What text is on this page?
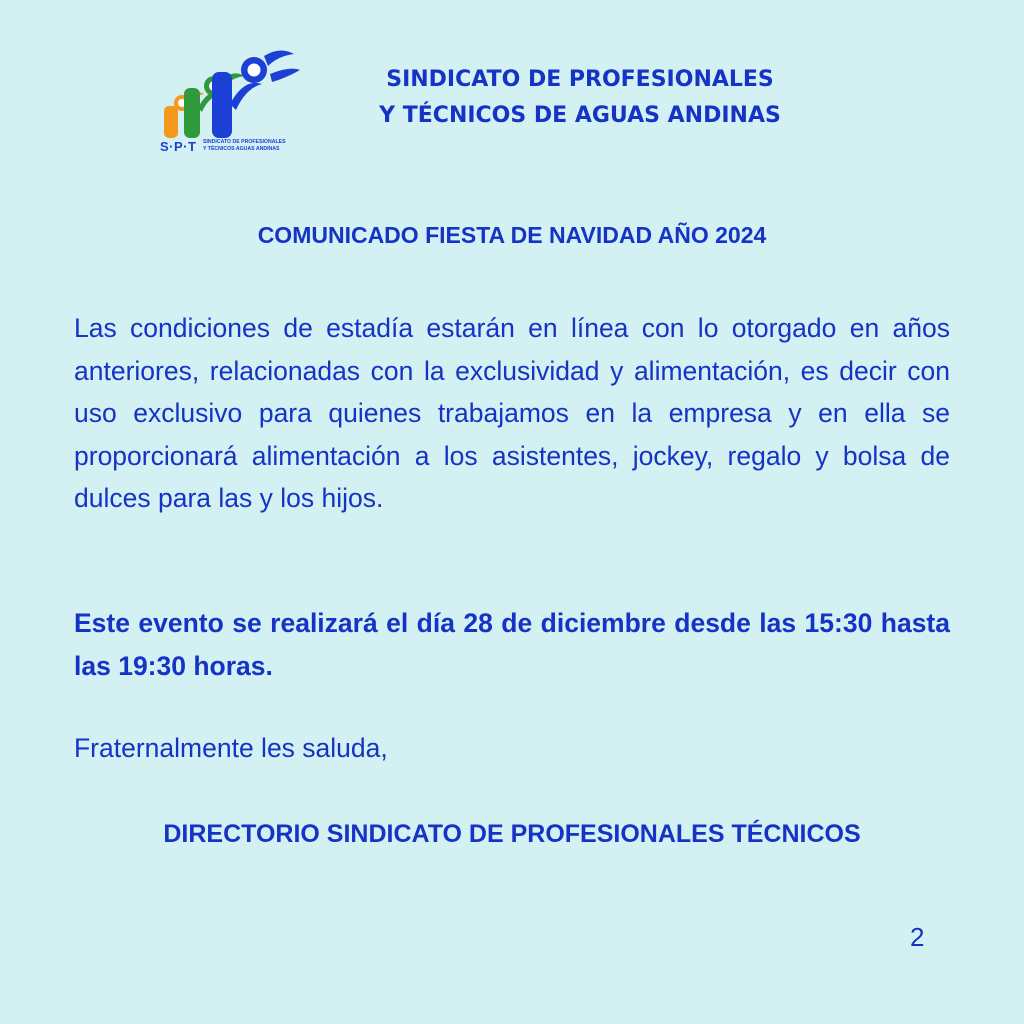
S·P·T SINDICATO DE PROFESIONALES
Y TÉCNICOS AGUAS ANDINAS
SINDICATO DE PROFESIONALES
Y TÉCNICOS DE AGUAS ANDINAS
COMUNICADO FIESTA DE NAVIDAD AÑO 2024

Las condiciones de estadía estarán en línea con lo otorgado en años anteriores, relacionadas con la exclusividad y alimentación, es decir con uso exclusivo para quienes trabajamos en la empresa y en ella se proporcionará alimentación a los asistentes, jockey, regalo y bolsa de dulces para las y los hijos.

Este evento se realizará el día 28 de diciembre desde las 15:30 hasta las 19:30 horas.

Fraternalmente les saluda,
DIRECTORIO SINDICATO DE PROFESIONALES TÉCNICOS
2
